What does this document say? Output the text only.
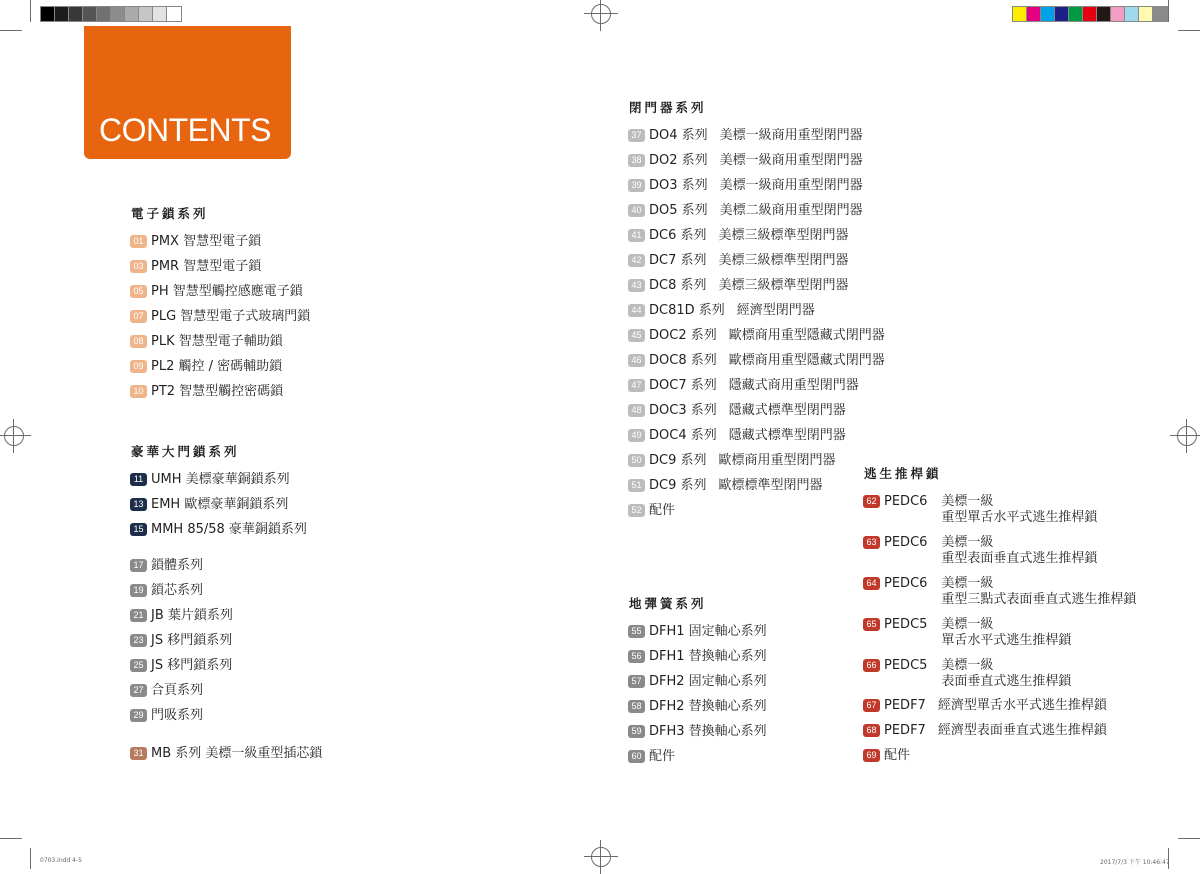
CONTENTS
電子鎖系列
01 PMX 智慧型電子鎖
03 PMR 智慧型電子鎖
05 PH 智慧型觸控感應電子鎖
07 PLG 智慧型電子式玻璃門鎖
08 PLK 智慧型電子輔助鎖
09 PL2 觸控 / 密碼輔助鎖
10 PT2 智慧型觸控密碼鎖
豪華大門鎖系列
11 UMH 美標豪華銅鎖系列
13 EMH 歐標豪華銅鎖系列
15 MMH 85/58 豪華銅鎖系列
17 鎖體系列
19 鎖芯系列
21 JB 葉片鎖系列
23 JS 移門鎖系列
25 JS 移門鎖系列
27 合頁系列
29 門吸系列
31 MB 系列 美標一級重型插芯鎖
閉門器系列
37 DO4 系列 美標一級商用重型閉門器
38 DO2 系列 美標一級商用重型閉門器
39 DO3 系列 美標一級商用重型閉門器
40 DO5 系列 美標二級商用重型閉門器
41 DC6 系列 美標三級標準型閉門器
42 DC7 系列 美標三級標準型閉門器
43 DC8 系列 美標三級標準型閉門器
44 DC81D 系列 經濟型閉門器
45 DOC2 系列 歐標商用重型隱藏式閉門器
46 DOC8 系列 歐標商用重型隱藏式閉門器
47 DOC7 系列 隱藏式商用重型閉門器
48 DOC3 系列 隱藏式標準型閉門器
49 DOC4 系列 隱藏式標準型閉門器
50 DC9 系列 歐標商用重型閉門器
51 DC9 系列 歐標標準型閉門器
52 配件
地彈簧系列
55 DFH1 固定軸心系列
56 DFH1 替換軸心系列
57 DFH2 固定軸心系列
58 DFH2 替換軸心系列
59 DFH3 替換軸心系列
60 配件
逃生推桿鎖
62 PEDC6 美標一級
重型單舌水平式逃生推桿鎖
63 PEDC6 美標一級
重型表面垂直式逃生推桿鎖
64 PEDC6 美標一級
重型三點式表面垂直式逃生推桿鎖
65 PEDC5 美標一級
單舌水平式逃生推桿鎖
66 PEDC5 美標一級
表面垂直式逃生推桿鎖
67 PEDF7 經濟型單舌水平式逃生推桿鎖
68 PEDF7 經濟型表面垂直式逃生推桿鎖
69 配件
0703.indd 4-5	2017/7/3 下午 10:46:47
